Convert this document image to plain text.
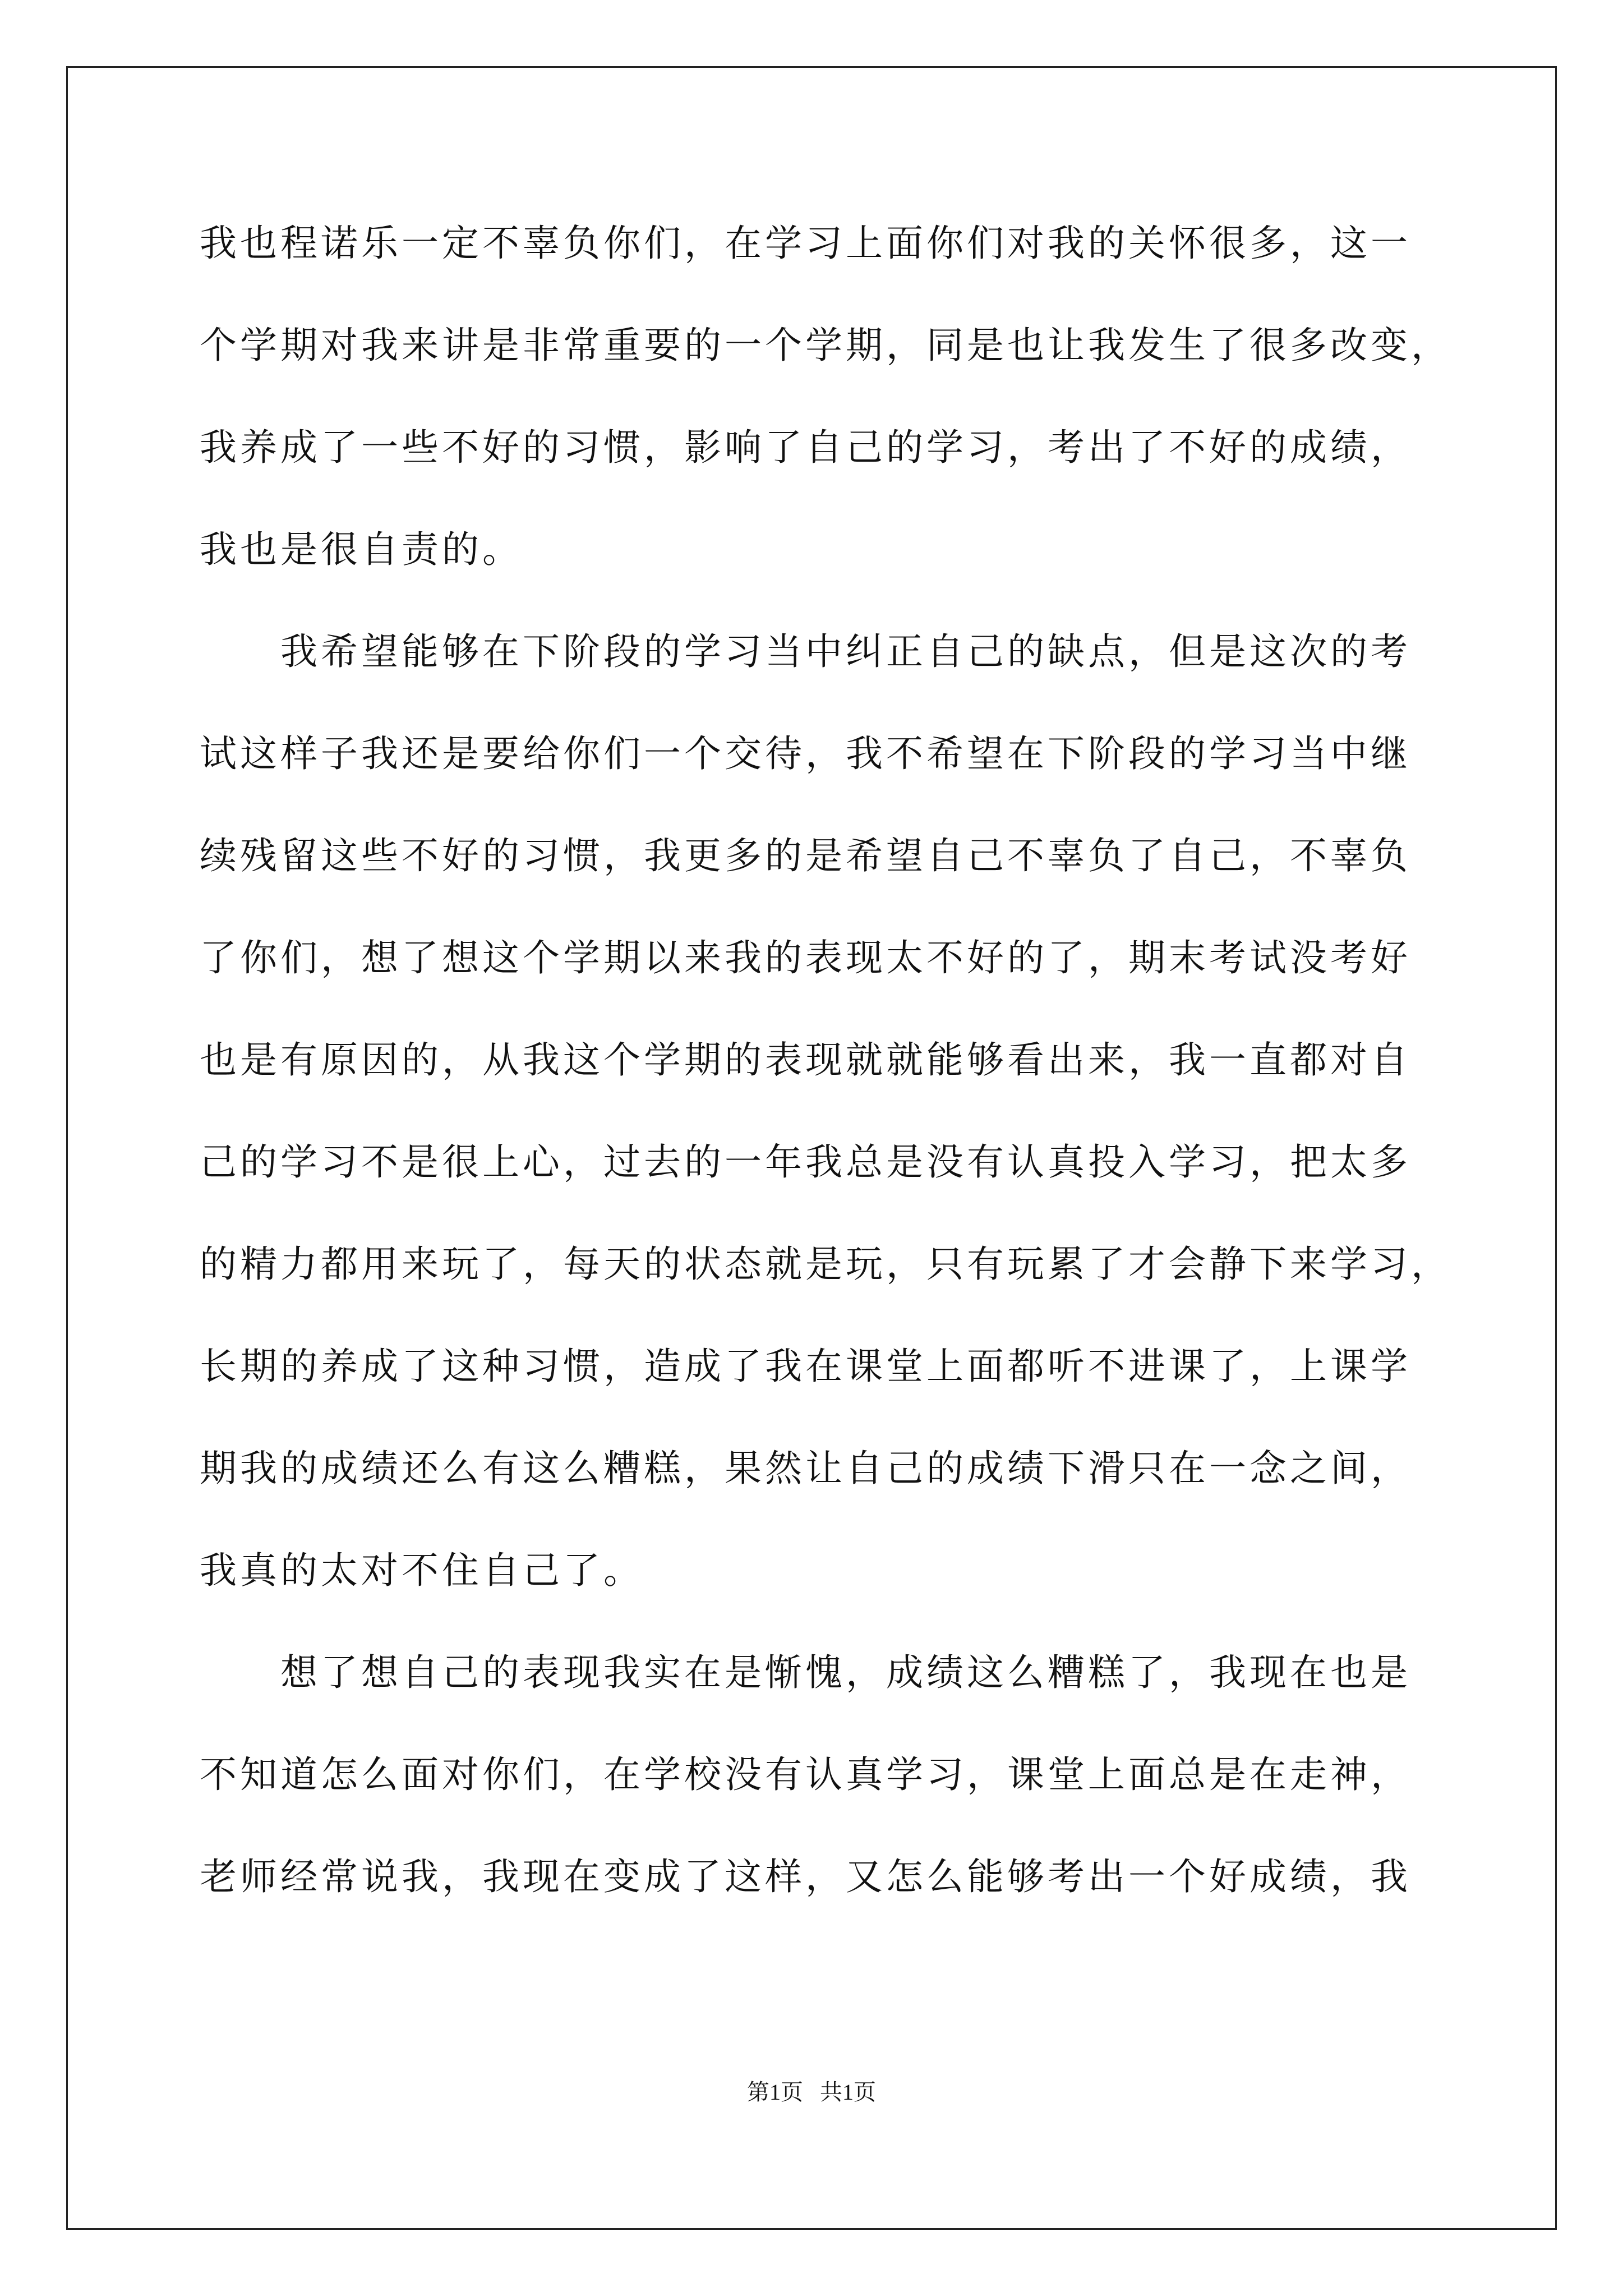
我也程诺乐一定不辜负你们，在学习上面你们对我的关怀很多，这一
个学期对我来讲是非常重要的一个学期，同是也让我发生了很多改变，
我养成了一些不好的习惯，影响了自己的学习，考出了不好的成绩，
我也是很自责的。
我希望能够在下阶段的学习当中纠正自己的缺点，但是这次的考
试这样子我还是要给你们一个交待，我不希望在下阶段的学习当中继
续残留这些不好的习惯，我更多的是希望自己不辜负了自己，不辜负
了你们，想了想这个学期以来我的表现太不好的了，期末考试没考好
也是有原因的，从我这个学期的表现就就能够看出来，我一直都对自
己的学习不是很上心，过去的一年我总是没有认真投入学习，把太多
的精力都用来玩了，每天的状态就是玩，只有玩累了才会静下来学习，
长期的养成了这种习惯，造成了我在课堂上面都听不进课了，上课学
期我的成绩还么有这么糟糕，果然让自己的成绩下滑只在一念之间，
我真的太对不住自己了。
想了想自己的表现我实在是惭愧，成绩这么糟糕了，我现在也是
不知道怎么面对你们，在学校没有认真学习，课堂上面总是在走神，
老师经常说我，我现在变成了这样，又怎么能够考出一个好成绩，我
第1页   共1页
